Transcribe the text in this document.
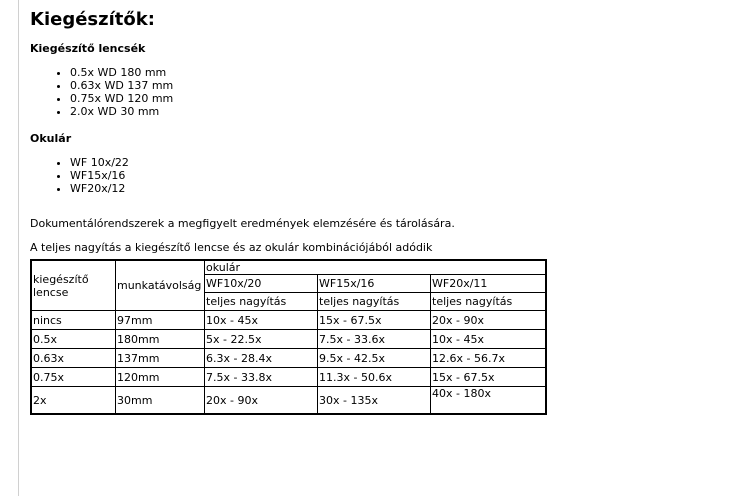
Kiegészítők:
Kiegészítő lencsék
• 0.5x WD 180 mm
• 0.63x WD 137 mm
• 0.75x WD 120 mm
• 2.0x WD 30 mm
Okulár
• WF 10x/22
• WF15x/16
• WF20x/12

Dokumentálórendszerek a megfigyelt eredmények elemzésére és tárolására.

A teljes nagyítás a kiegészítő lencse és az okulár kombinációjából adódik

kiegészítő lencse	munkatávolság	okulár		
		WF10x/20	WF15x/16	WF20x/11
		teljes nagyítás	teljes nagyítás	teljes nagyítás
nincs	97mm	10x - 45x	15x - 67.5x	20x - 90x
0.5x	180mm	5x - 22.5x	7.5x - 33.6x	10x - 45x
0.63x	137mm	6.3x - 28.4x	9.5x - 42.5x	12.6x - 56.7x
0.75x	120mm	7.5x - 33.8x	11.3x - 50.6x	15x - 67.5x
2x	30mm	20x - 90x	30x - 135x	40x - 180x
